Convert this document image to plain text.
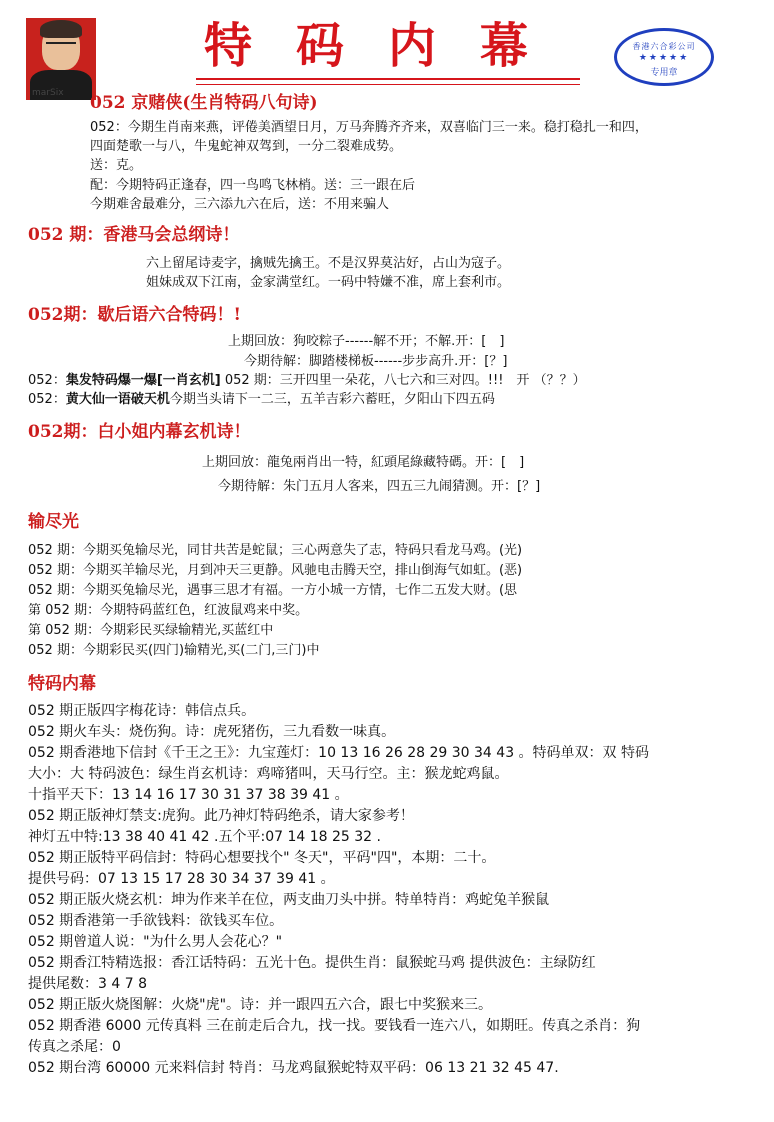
marSix
特码内幕	香港六合彩公司
★★★★★
专用章
052 京赌侠(生肖特码八句诗)

052：今期生肖南来燕，评倦美酒望日月，万马奔腾齐齐来，双喜临门三一来。稳打稳扎一和四，

四面楚歌一与八，牛鬼蛇神双驾到，一分二裂难成势。

送：克。

配：今期特码正逢春，四一鸟鸣飞林梢。送：三一跟在后

今期难舍最难分，三六添九六在后，送：不用来骗人

052 期：香港马会总纲诗！

六上留尾诗麦字，擒贼先擒王。不是汉界莫沾好，占山为寇子。

姐妹成双下江南，金家满堂红。一码中特嫌不准，席上套利市。

052期：歇后语六合特码！!

上期回放：狗咬粽子------解不开；不解.开：[　]

今期待解：脚踏楼梯板------步步高升.开：[？]

052：集发特码爆一爆[一肖玄机] 052 期：三开四里一朵花，八七六和三对四。!!!　开 （？？）

052：黄大仙一语破天机今期当头请下一二三，五羊吉彩六蓄旺，夕阳山下四五码

052期：白小姐内幕玄机诗！

上期回放：龍兔兩肖出一特，紅頭尾綠藏特碼。开：[　]

今期待解：朱门五月人客来，四五三九闹猜测。开：[？]

输尽光

052 期：今期买兔输尽光，同甘共苦是蛇鼠；三心两意失了志，特码只看龙马鸡。(光)

052 期：今期买羊输尽光，月到冲天三更静。风驰电击腾天空，排山倒海气如虹。(恶)

052 期：今期买兔输尽光，遇事三思才有福。一方小城一方情，七作二五发大财。(思

第 052 期：今期特码蓝红色，红波鼠鸡来中奖。

第 052 期：今期彩民买绿输精光,买蓝红中

052 期：今期彩民买(四门)输精光,买(二门,三门)中

特码内幕

052 期正版四字梅花诗：韩信点兵。

052 期火车头：烧伤狗。诗：虎死猪伤，三九看数一味真。

052 期香港地下信封《千王之王》：九宝莲灯：10 13 16 26 28 29 30 34 43 。特码单双：双 特码

大小：大 特码波色：绿生肖玄机诗：鸡啼猪叫，天马行空。主：猴龙蛇鸡鼠。

十指平天下：13 14 16 17 30 31 37 38 39 41 。

052 期正版神灯禁支:虎狗。此乃神灯特码绝杀，请大家参考！

神灯五中特:13 38 40 41 42 .五个平:07 14 18 25 32 .

052 期正版特平码信封：特码心想要找个" 冬天"，平码"四"，本期：二十。

提供号码：07 13 15 17 28 30 34 37 39 41 。

052 期正版火烧玄机：坤为作来羊在位，两支曲刀头中拼。特单特肖：鸡蛇兔羊猴鼠

052 期香港第一手欲钱料：欲钱买车位。

052 期曾道人说："为什么男人会花心？"

052 期香江特精选报：香江话特码：五光十色。提供生肖：鼠猴蛇马鸡 提供波色：主绿防红

提供尾数：3 4 7 8

052 期正版火烧图解：火烧"虎"。诗：并一跟四五六合，跟七中奖猴来三。

052 期香港 6000 元传真料 三在前走后合九，找一找。要钱看一连六八，如期旺。传真之杀肖：狗

传真之杀尾：0

052 期台湾 60000 元来料信封 特肖：马龙鸡鼠猴蛇特双平码：06 13 21 32 45 47.
